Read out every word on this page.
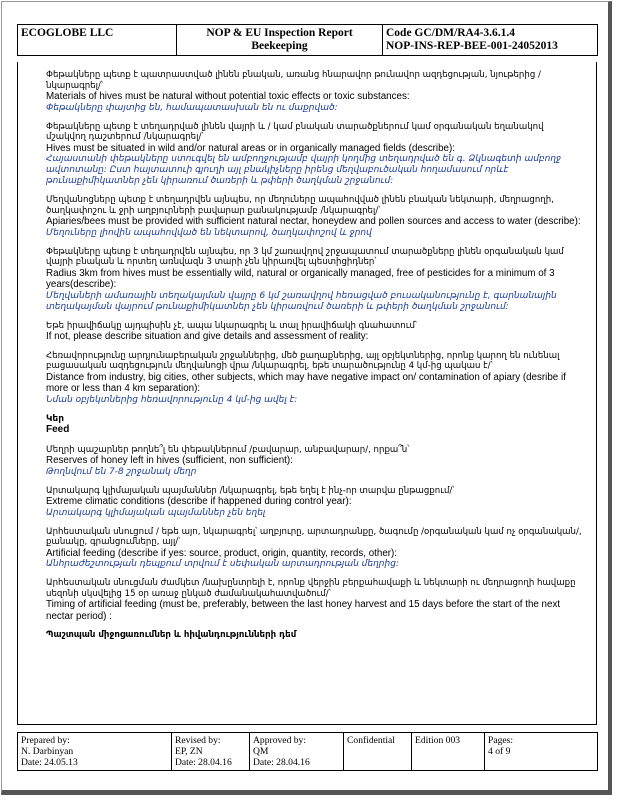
ECOGLOBE LLC	NOP & EU Inspection Report
Beekeeping

Code GC/DM/RA4-3.6.1.4
NOP-INS-REP-BEE-001-24052013
Փեթակները պետք է պատրաստված լինեն բնական, առանց հնարավոր թունավոր ազդեցության, նյութերից /նկարագրել/՝
Materials of hives must be natural without potential toxic effects or toxic substances:
Փեթակները փայտից են, համապատասխան են ու մաքրված:
Փեթակները պետք է տեղադրված լինեն վայրի և / կամ բնական տարածքներում կամ օրգանական եղանակով մշակվող դաշտերում /նկարագրել/՝
Hives must be situated in wild and/or natural areas or in organically managed fields (describe):
Հայաստանի փեթակները ստուգվել են ամբողջությամբ վայրի կողմից տեղադրված են գ. Ձկնագետի ամբողջ ավտոտանը: Ըստ հայտատուի գյուղի այլ բնակիչները իրենց մեղվաբուծական հողամասում որևէ թունաքիմիկատներ չեն կիրառում ծառերի և թփերի ծաղկման շրջանում:
Մեղվանոցները պետք է տեղադրվեն այնպես, որ մեղուները ապահովված լինեն բնական նեկտարի, մեղրացողի, ծաղկափոշու և ջրի աղբյուրների բավարար քանակությամբ /նկարագրել/՝
Apiaries/bees must be provided with sufficient natural nectar, honeydew and pollen sources and access to water (describe):
Մեղուները լիովին ապահովված են նեկտարով, ծաղկափոշով և ջրով
Փեթակները պետք է տեղադրվեն այնպես, որ 3 կմ շառավղով շրջապատում տարածքները լինեն օրգանական կամ վայրի բնական և որտեղ առնվազն 3 տարի չեն կիրառվել պեստիցիդներ՝
Radius 3km from hives must be essentially wild, natural or organically managed, free of pesticides for a minimum of 3 years(describe):
Մեղվաների ամառային տեղակայման վայրը 6 կմ շառավղով հեռացված բուսականությունը է, գարնանային տեղակայման վայրում թունաքիմիկատներ չեն կիրառվում ծառերի և թփերի ծաղկման շրջանում:
Եթե իրավիճակը այդպիսին չէ, ապա նկարագրել և տալ իրավիճակի գնահատում՝
If not, please describe situation and give details and assessment of reality:
Հեռավորությունը արդյունաբերական շրջաններից, մեծ քաղաքներից, այլ օբյեկտներից, որոնք կարող են ունենալ բացասական ազդեցություն մեղվանոցի վրա /նկարագրել, եթե տարածությունը 4 կմ-ից պակաս է/՝
Distance from industry, big cities, other subjects, which may have negative impact on/ contamination of apiary (desribe if more or less than 4 km separation):
Նման օբյեկտներից հեռավորությունը 4 կմ-ից ավել է:
Կեր
Feed
Մեղրի պաշարներ թողնե՞լ են փեթակներում /բավարար, անբավարար/, որքա՞ն՝
Reserves of honey left in hives (sufficient, non sufficient):
Թողնվում են 7-8 շրջանակ մեղր
Արտակարգ կլիմայական պայմաններ /նկարագրել, եթե եղել է ինչ-որ տարվա ընթացքում/՝
Extreme climatic conditions (describe if happened during control year):
Արտակարգ կլիմայական պայմաններ չեն եղել
Արհեստական սնուցում / եթե այո, նկարագրել՝ աղբյուրը, արտադրանքը, ծագումը /օրգանական կամ ոչ օրգանական/, քանակը, գրանցումները, այլ/՝
Artificial feeding (describe if yes: source, product, origin, quantity, records, other):
Անհրաժեշտության դեպքում տրվում է սեփական արտադրության մեղրից:
Արհեստական սնուցման ժամկետ /նախընտրելի է, որոնք վերջին բերքահավաքի և նեկտարի ու մեղրացողի հավաքը սեզոնի սկսվելից 15 օր առաջ ընկած ժամանակահատվածում/՝
Timing of artificial feeding (must be, preferably, between the last honey harvest and 15 days before the start of the next nectar period) :
Պաշտպան միջոցառումներ և հիվանդությունների դեմ
Prepared by:
N. Darbinyan
Date: 24.05.13

Revised by:
EP, ZN
Date: 28.04.16

Approved by:
QM
Date: 28.04.16
	Confidential	Edition 003	Pages:
4 of 9
